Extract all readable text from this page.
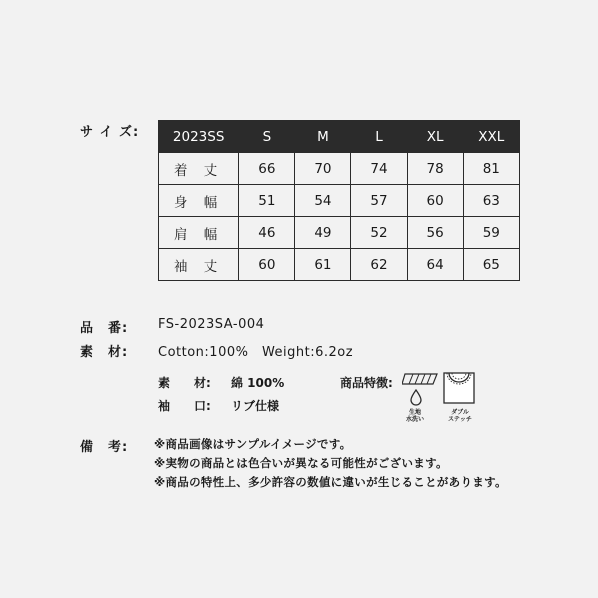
サ イ ズ: 2023SS	S	M	L	XL	XXL
着 丈	66	70	74	78	81
身 幅	51	54	57	60	63
肩 幅	46	49	52	56	59
袖 丈	60	61	62	64	65
品　番: FS-2023SA-004
素　材: Cotton:100%　Weight:6.2oz
素　　材: 綿 100%
袖　　口: リブ仕様
商品特徴:
生地
水洗い
ダブル
ステッチ
備　考: ※商品画像はサンプルイメージです。
※実物の商品とは色合いが異なる可能性がございます。
※商品の特性上、多少許容の数値に違いが生じることがあります。
